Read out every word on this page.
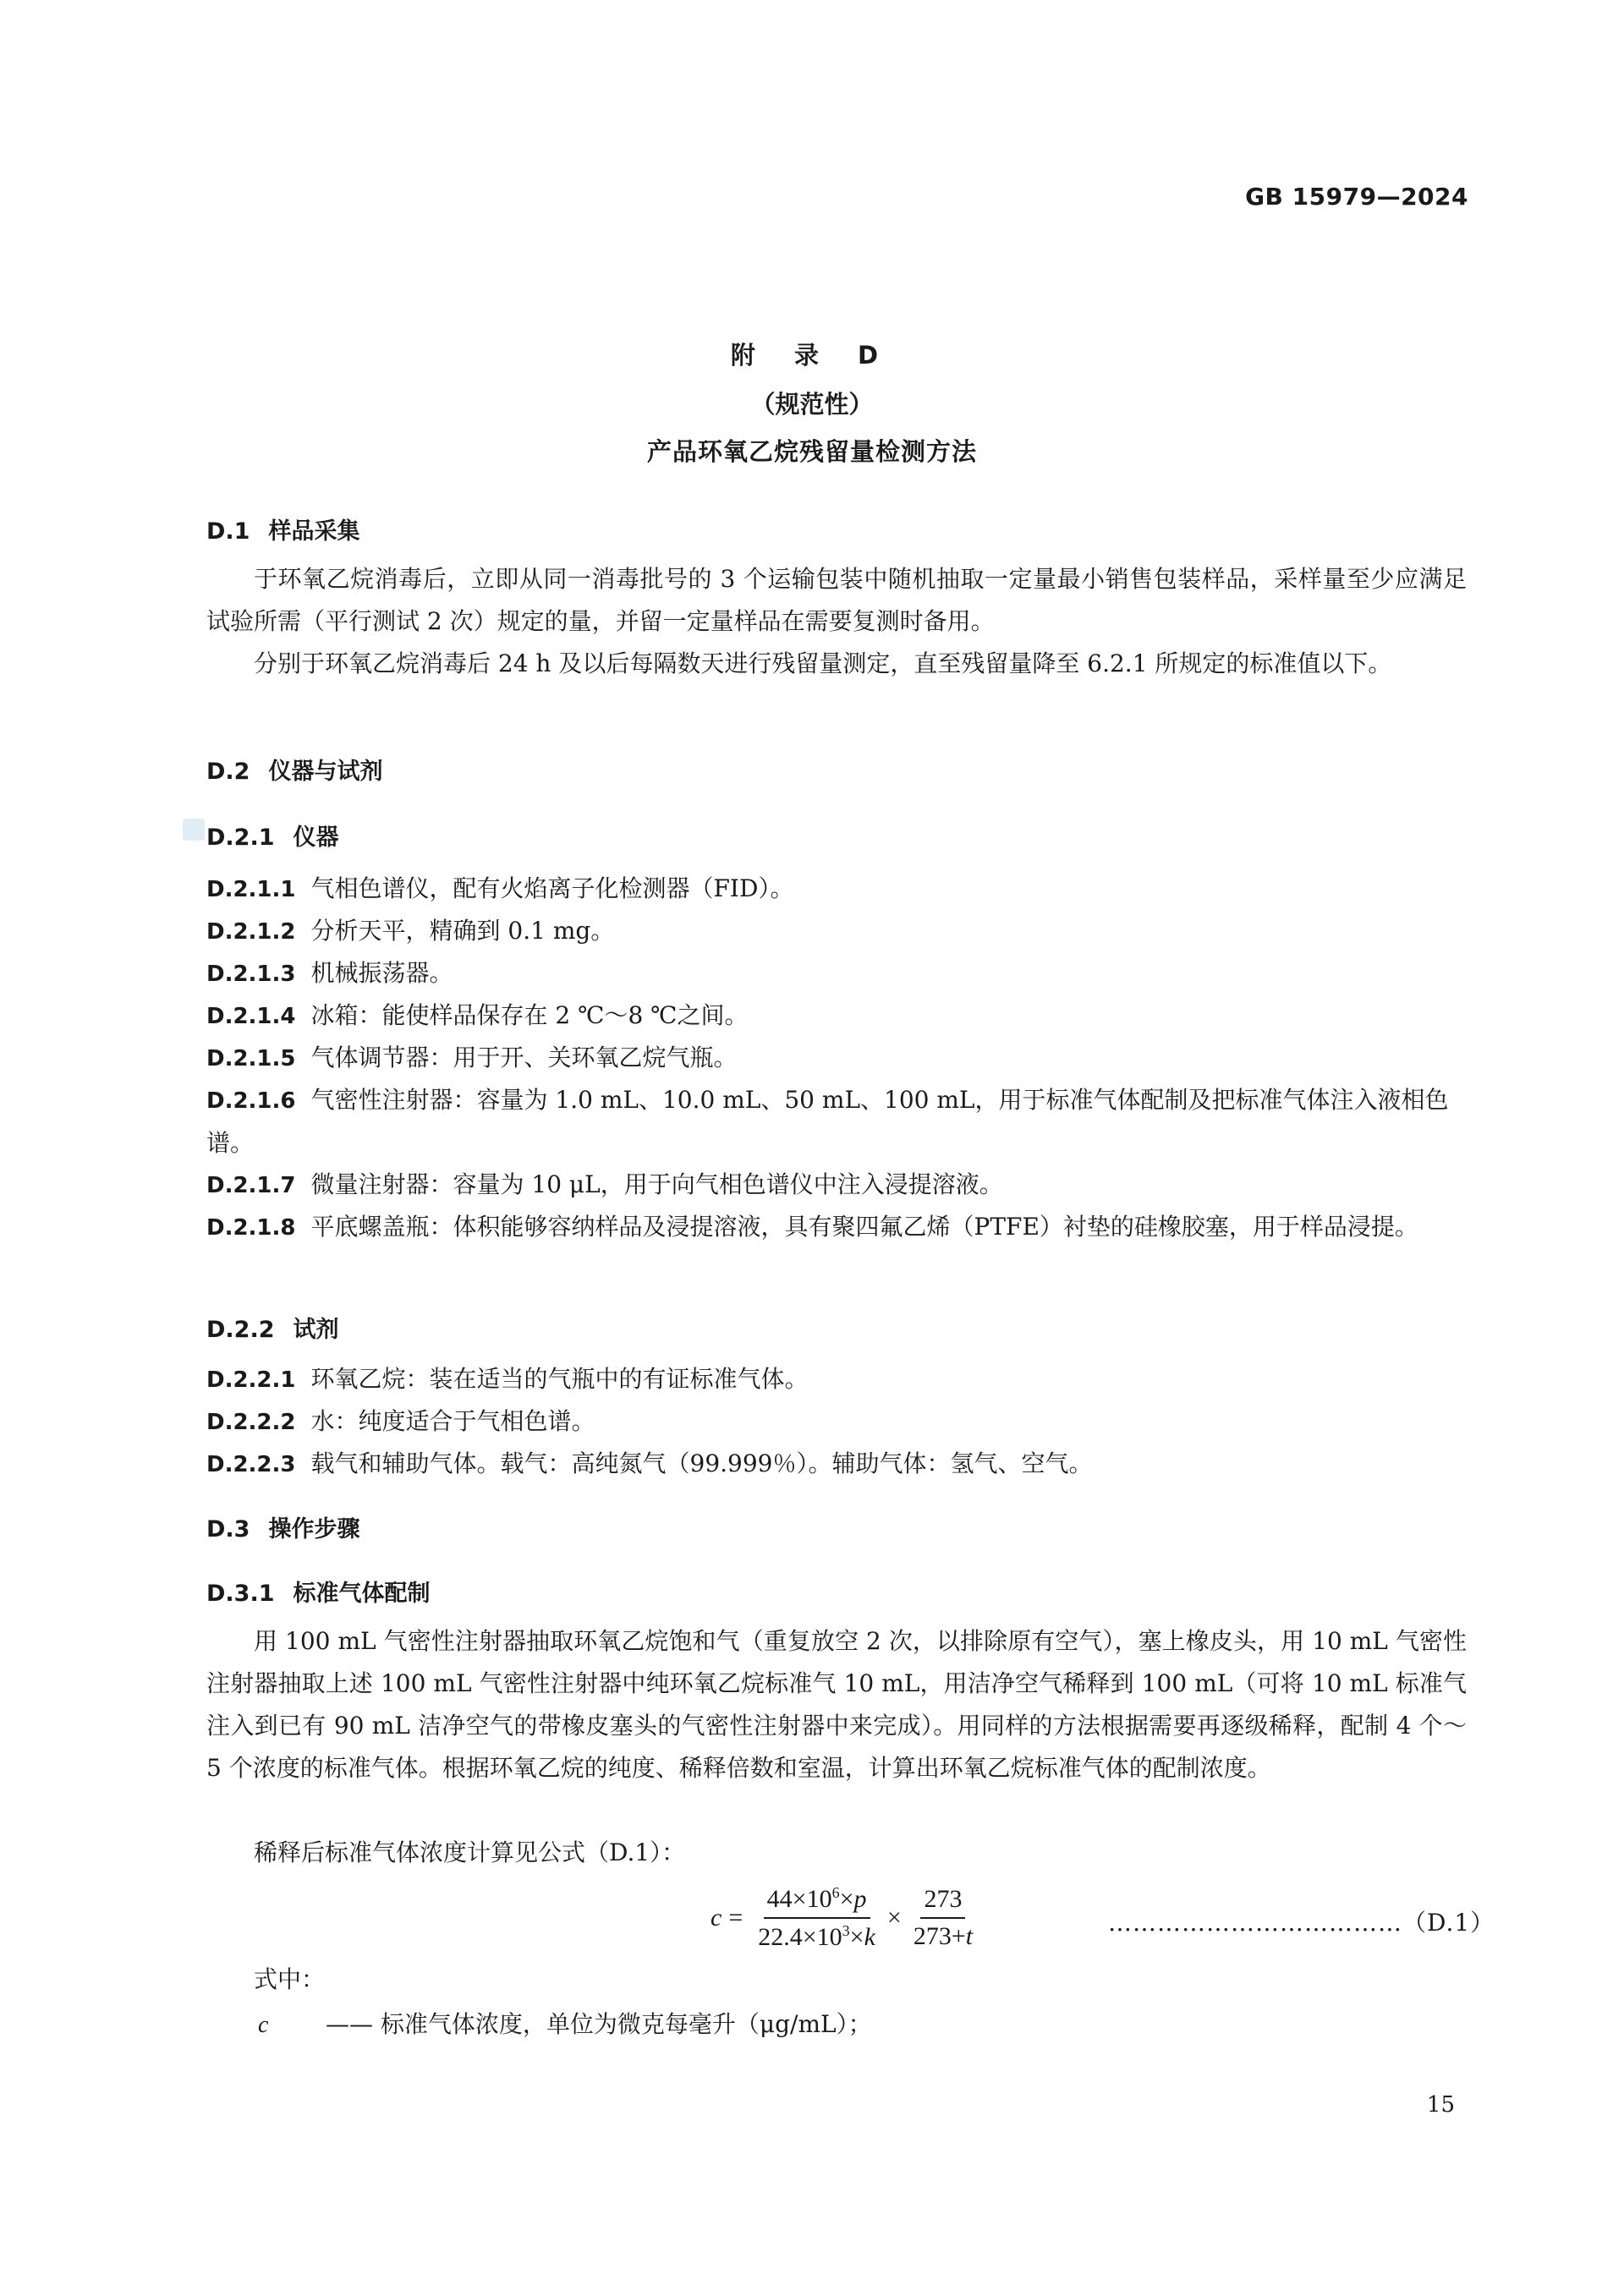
GB 15979—2024
附 录 D
（规范性）
产品环氧乙烷残留量检测方法
D.1 样品采集
于环氧乙烷消毒后，立即从同一消毒批号的 3 个运输包装中随机抽取一定量最小销售包装样品，采样量至少应满足试验所需（平行测试 2 次）规定的量，并留一定量样品在需要复测时备用。
分别于环氧乙烷消毒后 24 h 及以后每隔数天进行残留量测定，直至残留量降至 6.2.1 所规定的标准值以下。
D.2 仪器与试剂
D.2.1 仪器
D.2.1.1 气相色谱仪，配有火焰离子化检测器（FID）。
D.2.1.2 分析天平，精确到 0.1 mg。
D.2.1.3 机械振荡器。
D.2.1.4 冰箱：能使样品保存在 2 ℃～8 ℃之间。
D.2.1.5 气体调节器：用于开、关环氧乙烷气瓶。
D.2.1.6 气密性注射器：容量为 1.0 mL、10.0 mL、50 mL、100 mL，用于标准气体配制及把标准气体注入液相色谱。
D.2.1.7 微量注射器：容量为 10 μL，用于向气相色谱仪中注入浸提溶液。
D.2.1.8 平底螺盖瓶：体积能够容纳样品及浸提溶液，具有聚四氟乙烯（PTFE）衬垫的硅橡胶塞，用于样品浸提。
D.2.2 试剂
D.2.2.1 环氧乙烷：装在适当的气瓶中的有证标准气体。
D.2.2.2 水：纯度适合于气相色谱。
D.2.2.3 载气和辅助气体。载气：高纯氮气（99.999％）。辅助气体：氢气、空气。
D.3 操作步骤
D.3.1 标准气体配制
用 100 mL 气密性注射器抽取环氧乙烷饱和气（重复放空 2 次，以排除原有空气），塞上橡皮头，用 10 mL 气密性注射器抽取上述 100 mL 气密性注射器中纯环氧乙烷标准气 10 mL，用洁净空气稀释到 100 mL（可将 10 mL 标准气注入到已有 90 mL 洁净空气的带橡皮塞头的气密性注射器中来完成）。用同样的方法根据需要再逐级稀释，配制 4 个～5 个浓度的标准气体。根据环氧乙烷的纯度、稀释倍数和室温，计算出环氧乙烷标准气体的配制浓度。
稀释后标准气体浓度计算见公式（D.1）：
$c = \frac{44\times 10^6\times p}{22.4\times 10^3\times k} \times \frac{273}{273+t}$	………………………………（D.1）
式中：
c —— 标准气体浓度，单位为微克每毫升（μg/mL）；
15
